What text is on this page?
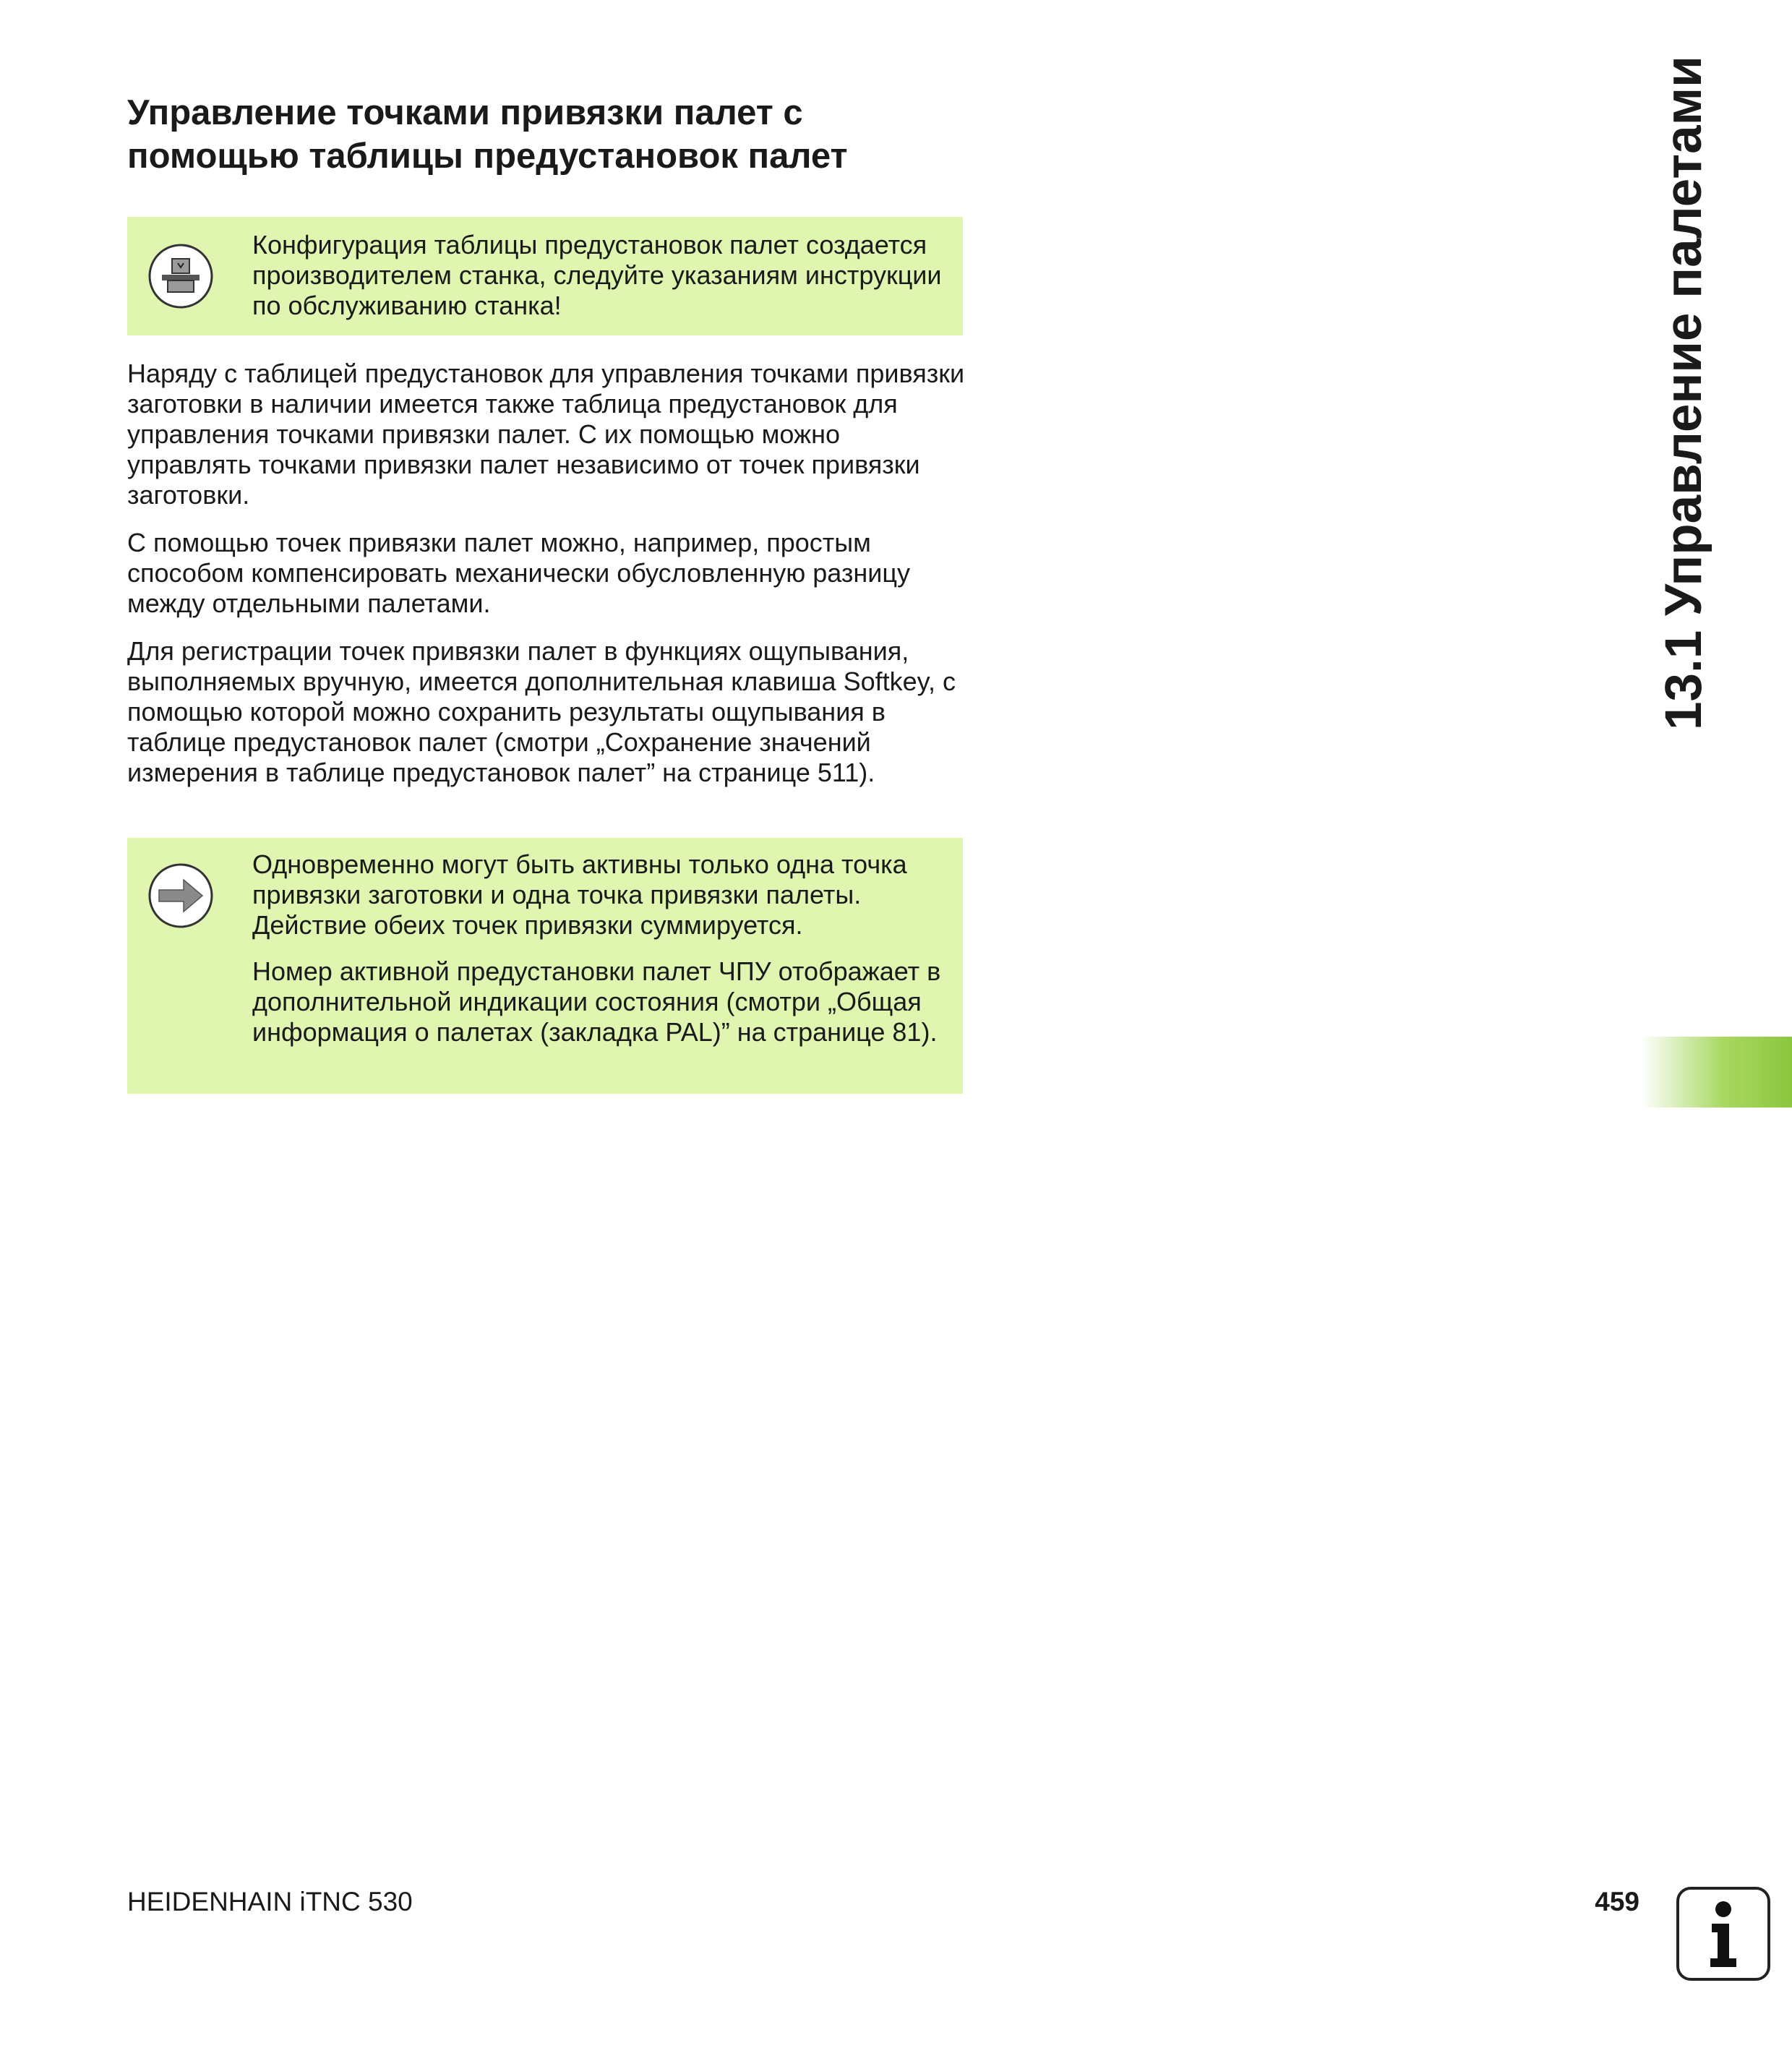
Управление точками привязки палет с
помощью таблицы предустановок палет
Конфигурация таблицы предустановок палет создается производителем станка, следуйте указаниям инструкции по обслуживанию станка!

Наряду с таблицей предустановок для управления точками привязки заготовки в наличии имеется также таблица предустановок для управления точками привязки палет. С их помощью можно управлять точками привязки палет независимо от точек привязки заготовки.

С помощью точек привязки палет можно, например, простым способом компенсировать механически обусловленную разницу между отдельными палетами.

Для регистрации точек привязки палет в функциях ощупывания, выполняемых вручную, имеется дополнительная клавиша Softkey, с помощью которой можно сохранить результаты ощупывания в таблице предустановок палет (смотри „Сохранение значений измерения в таблице предустановок палет” на странице 511).

Одновременно могут быть активны только одна точка привязки заготовки и одна точка привязки палеты. Действие обеих точек привязки суммируется.

Номер активной предустановки палет ЧПУ отображает в дополнительной индикации состояния (смотри „Общая информация о палетах (закладка PAL)” на странице 81).

13.1 Управление палетами
HEIDENHAIN iTNC 530	459
